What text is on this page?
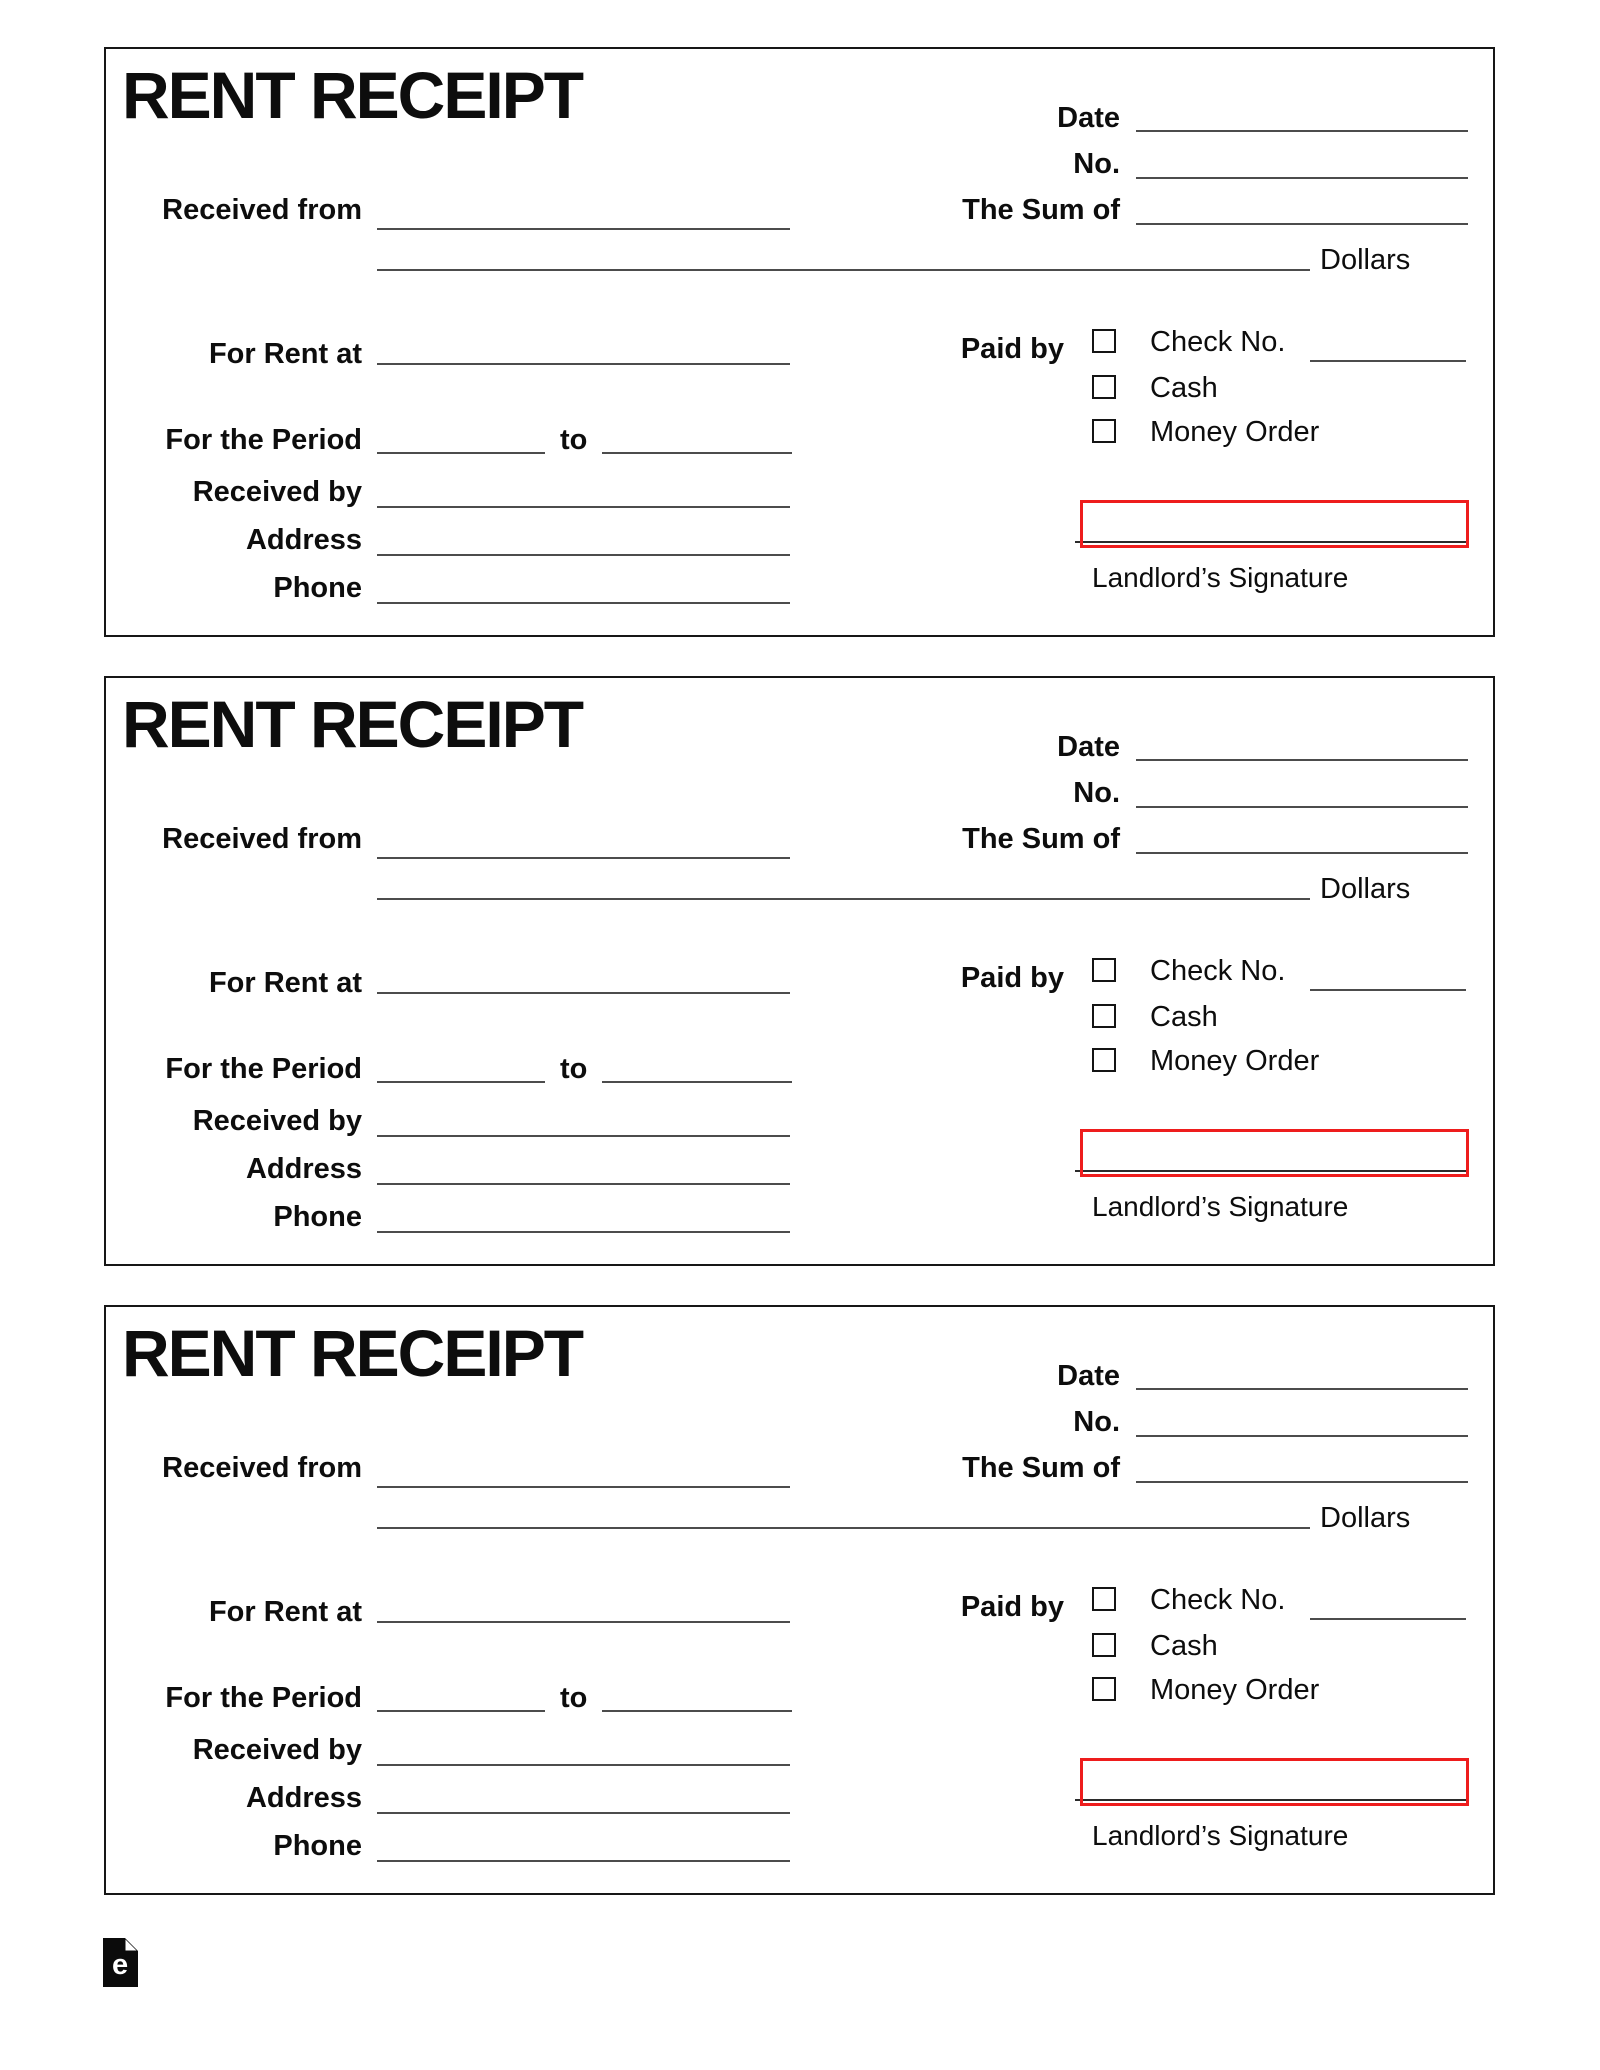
RENT RECEIPT	Date
No.
The Sum of
Received from
Dollars
For Rent at	Paid by	Check No.
Cash
Money Order
For the Period	to
Received by
Address
Phone	Landlord’s Signature
RENT RECEIPT	Date
No.
The Sum of
Received from
Dollars
For Rent at	Paid by	Check No.
Cash
Money Order
For the Period	to
Received by
Address
Phone	Landlord’s Signature
RENT RECEIPT	Date
No.
The Sum of
Received from
Dollars
For Rent at	Paid by	Check No.
Cash
Money Order
For the Period	to
Received by
Address
Phone	Landlord’s Signature
e
